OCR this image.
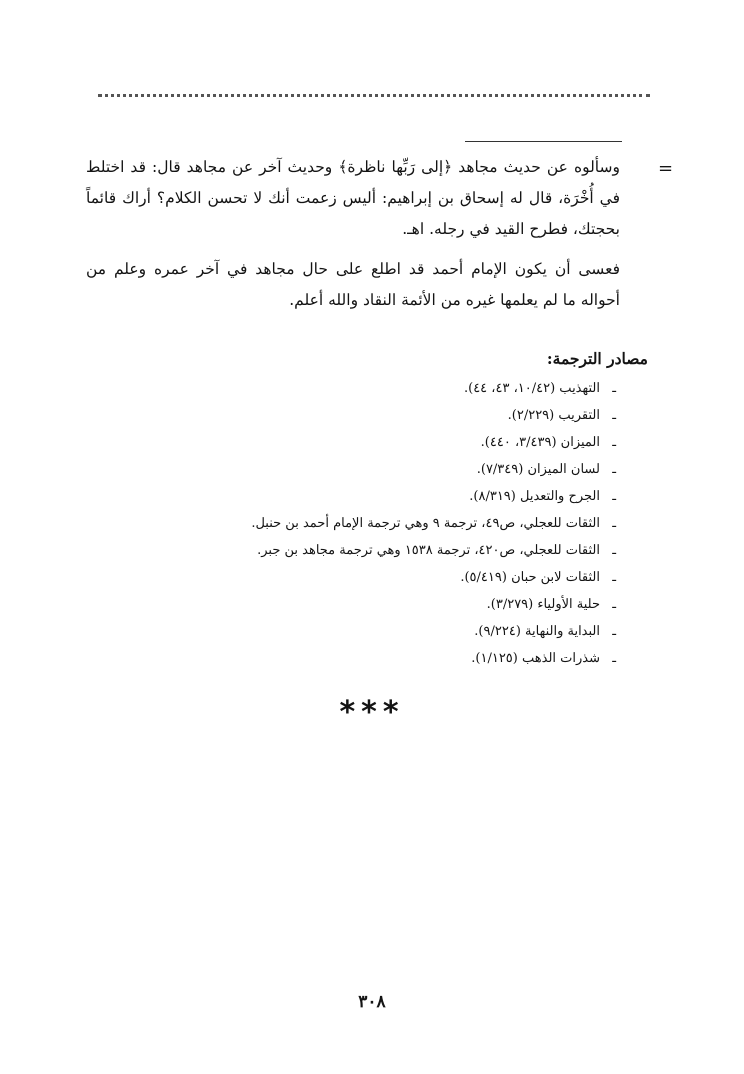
=

وسألوه عن حديث مجاهد ﴿إلى رَبِّها ناظرة﴾ وحديث آخر عن مجاهد قال: قد اختلط في أُخْرَة، قال له إسحاق بن إبراهيم: أليس زعمت أنك لا تحسن الكلام؟ أراك قائماً بحجتك، فطرح القيد في رجله. اهـ.

فعسى أن يكون الإمام أحمد قد اطلع على حال مجاهد في آخر عمره وعلم من أحواله ما لم يعلمها غيره من الأئمة النقاد والله أعلم.

مصادر الترجمة:
ـالتهذيب (١٠/٤٢، ٤٣، ٤٤).
ـالتقريب (٢/٢٢٩).
ـالميزان (٣/٤٣٩، ٤٤٠).
ـلسان الميزان (٧/٣٤٩).
ـالجرح والتعديل (٨/٣١٩).
ـالثقات للعجلي، ص٤٩، ترجمة ٩ وهي ترجمة الإمام أحمد بن حنبل.
ـالثقات للعجلي، ص٤٢٠، ترجمة ١٥٣٨ وهي ترجمة مجاهد بن جبر.
ـالثقات لابن حبان (٥/٤١٩).
ـحلية الأولياء (٣/٢٧٩).
ـالبداية والنهاية (٩/٢٢٤).
ـشذرات الذهب (١/١٢٥).
***
٣٠٨
